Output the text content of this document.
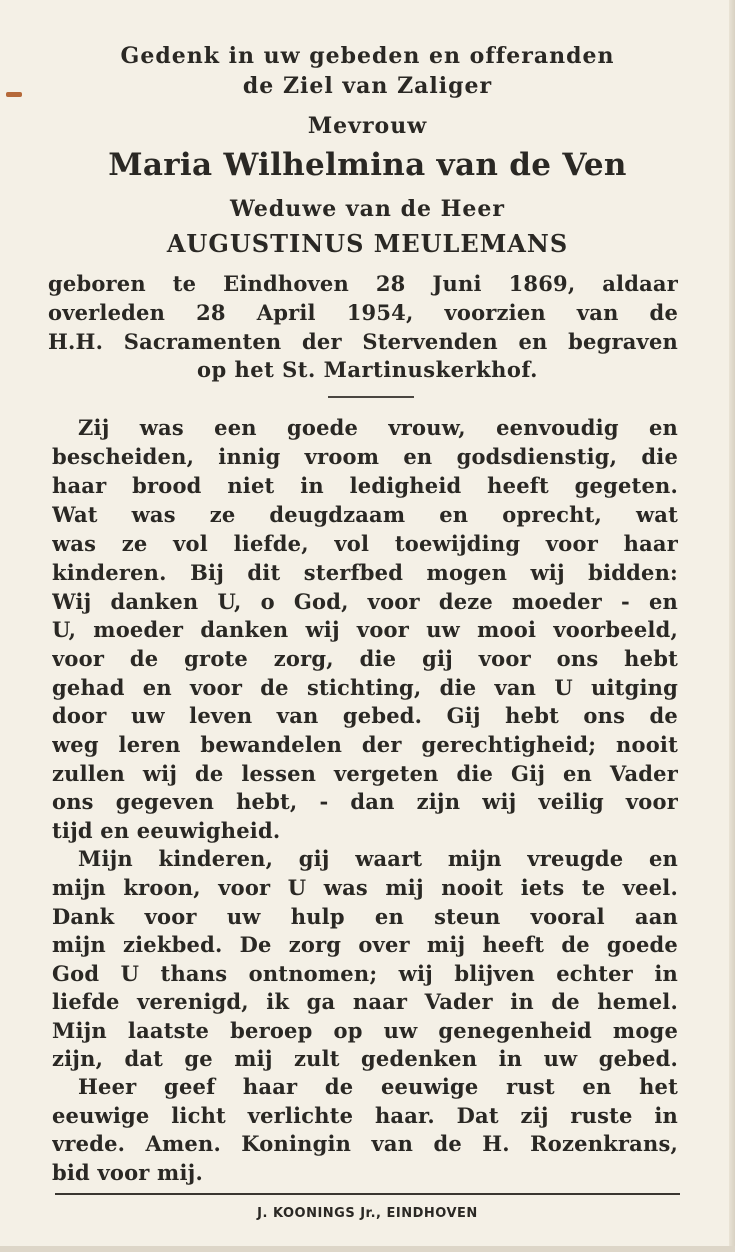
Gedenk in uw gebeden en offeranden
de Ziel van Zaliger
Mevrouw
Maria Wilhelmina van de Ven
Weduwe van de Heer
AUGUSTINUS MEULEMANS
geboren te Eindhoven 28 Juni 1869, aldaar
overleden 28 April 1954, voorzien van de
H.H. Sacramenten der Stervenden en begraven
op het St. Martinuskerkhof.
Zij was een goede vrouw, eenvoudig en
bescheiden, innig vroom en godsdienstig, die
haar brood niet in ledigheid heeft gegeten.
Wat was ze deugdzaam en oprecht, wat
was ze vol liefde, vol toewijding voor haar
kinderen. Bij dit sterfbed mogen wij bidden:
Wij danken U, o God, voor deze moeder - en
U, moeder danken wij voor uw mooi voorbeeld,
voor de grote zorg, die gij voor ons hebt
gehad en voor de stichting, die van U uitging
door uw leven van gebed. Gij hebt ons de
weg leren bewandelen der gerechtigheid; nooit
zullen wij de lessen vergeten die Gij en Vader
ons gegeven hebt, - dan zijn wij veilig voor
tijd en eeuwigheid.
Mijn kinderen, gij waart mijn vreugde en
mijn kroon, voor U was mij nooit iets te veel.
Dank voor uw hulp en steun vooral aan
mijn ziekbed. De zorg over mij heeft de goede
God U thans ontnomen; wij blijven echter in
liefde verenigd, ik ga naar Vader in de hemel.
Mijn laatste beroep op uw genegenheid moge
zijn, dat ge mij zult gedenken in uw gebed.
Heer geef haar de eeuwige rust en het
eeuwige licht verlichte haar. Dat zij ruste in
vrede. Amen. Koningin van de H. Rozenkrans,
bid voor mij.
J. KOONINGS Jr., EINDHOVEN
